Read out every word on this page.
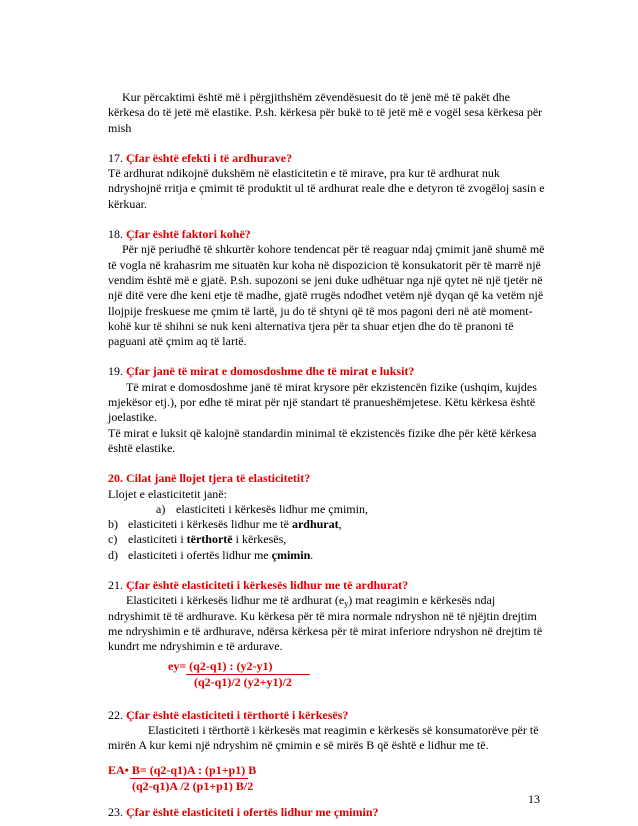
Kur përcaktimi është më i përgjithshëm zëvendësuesit do të jenë më të pakët dhe kërkesa do të jetë më elastike. P.sh. kërkesa për bukë to të jetë më e vogël sesa kërkesa për mish

17. Çfar është efekti i të ardhurave?

Të ardhurat ndikojnë dukshëm në elasticitetin e të mirave, pra kur të ardhurat nuk ndryshojnë rritja e çmimit të produktit ul të ardhurat reale dhe e detyron të zvogëloj sasin e kërkuar.

18. Çfar është faktori kohë?

Për një periudhë të shkurtër kohore tendencat për të reaguar ndaj çmimit janë shumë më të vogla në krahasrim me situatën kur koha në dispozicion të konsukatorit për të marrë një vendim është më e gjatë. P.sh. supozoni se jeni duke udhëtuar nga një qytet në një tjetër në një ditë vere dhe keni etje të madhe, gjatë rrugës ndodhet vetëm një dyqan që ka vetëm një llojpije freskuese me çmim të lartë, ju do të shtyni që të mos pagoni deri në atë moment-kohë kur të shihni se nuk keni alternativa tjera për ta shuar etjen dhe do të pranoni të paguani atë çmim aq të lartë.

19. Çfar janë të mirat e domosdoshme dhe të mirat e luksit?

Të mirat e domosdoshme janë të mirat krysore për ekzistencën fizike (ushqim, kujdes mjekësor etj.), por edhe të mirat për një standart të pranueshëmjetese. Këtu kërkesa është joelastike.

Të mirat e luksit që kalojnë standardin minimal të ekzistencës fizike dhe për këtë kërkesa është elastike.

20. Cilat janë llojet tjera të elasticitetit?

Llojet e elasticitetit janë:

a) elasticiteti i kërkesës lidhur me çmimin,
b) elasticiteti i kërkesës lidhur me të ardhurat,
c) elasticiteti i tërthortë i kërkesës,
d) elasticiteti i ofertës lidhur me çmimin.

21. Çfar është elasticiteti i kërkesës lidhur me të ardhurat?

Elasticiteti i kërkesës lidhur me të ardhurat $(e_y)$ mat reagimin e kërkesës ndaj ndryshimit të të ardhurave. Ku kërkesa për të mira normale ndryshon në të njëjtin drejtim me ndryshimin e të ardhurave, ndërsa kërkesa për të mirat inferiore ndryshon në drejtim të kundrt me ndryshimin e të ardurave.

ey= (q2-q1) : (y2-y1)
(q2-q1)/2 (y2+y1)/2

22. Çfar është elasticiteti i tërthortë i kërkesës?

Elasticiteti i tërthortë i kërkesës mat reagimin e kërkesës së konsumatorëve për të mirën A kur kemi një ndryshim në çmimin e së mirës B që është e lidhur me të.

EA• B= (q2-q1)A : (p1+p1) B
(q2-q1)A /2 (p1+p1) B/2

23. Çfar është elasticiteti i ofertës lidhur me çmimin?

13
